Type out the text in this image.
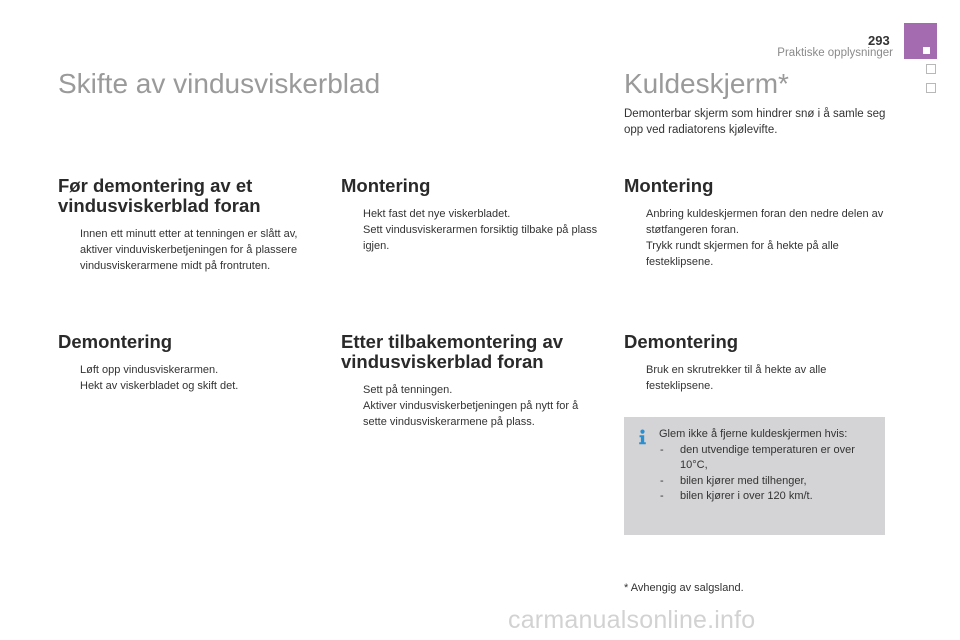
293
Praktiske opplysninger
Skifte av vindusviskerblad
Før demontering av et vindusviskerblad foran
Innen ett minutt etter at tenningen er slått av, aktiver vinduviskerbetjeningen for å plassere vindusviskerarmene midt på frontruten.
Demontering
Løft opp vindusviskerarmen.
Hekt av viskerbladet og skift det.
Montering
Hekt fast det nye viskerbladet.
Sett vindusviskerarmen forsiktig tilbake på plass igjen.
Etter tilbakemontering av vindusviskerblad foran
Sett på tenningen.
Aktiver vindusviskerbetjeningen på nytt for å sette vindusviskerarmene på plass.
Kuldeskjerm*

Demonterbar skjerm som hindrer snø i å samle seg opp ved radiatorens kjølevifte.

Montering
Anbring kuldeskjermen foran den nedre delen av støtfangeren foran.
Trykk rundt skjermen for å hekte på alle festeklipsene.
Demontering
Bruk en skrutrekker til å hekte av alle festeklipsene.
Glem ikke å fjerne kuldeskjermen hvis:
- den utvendige temperaturen er over 10°C,
- bilen kjører med tilhenger,
- bilen kjører i over 120 km/t.
* Avhengig av salgsland.
carmanualsonline.info
